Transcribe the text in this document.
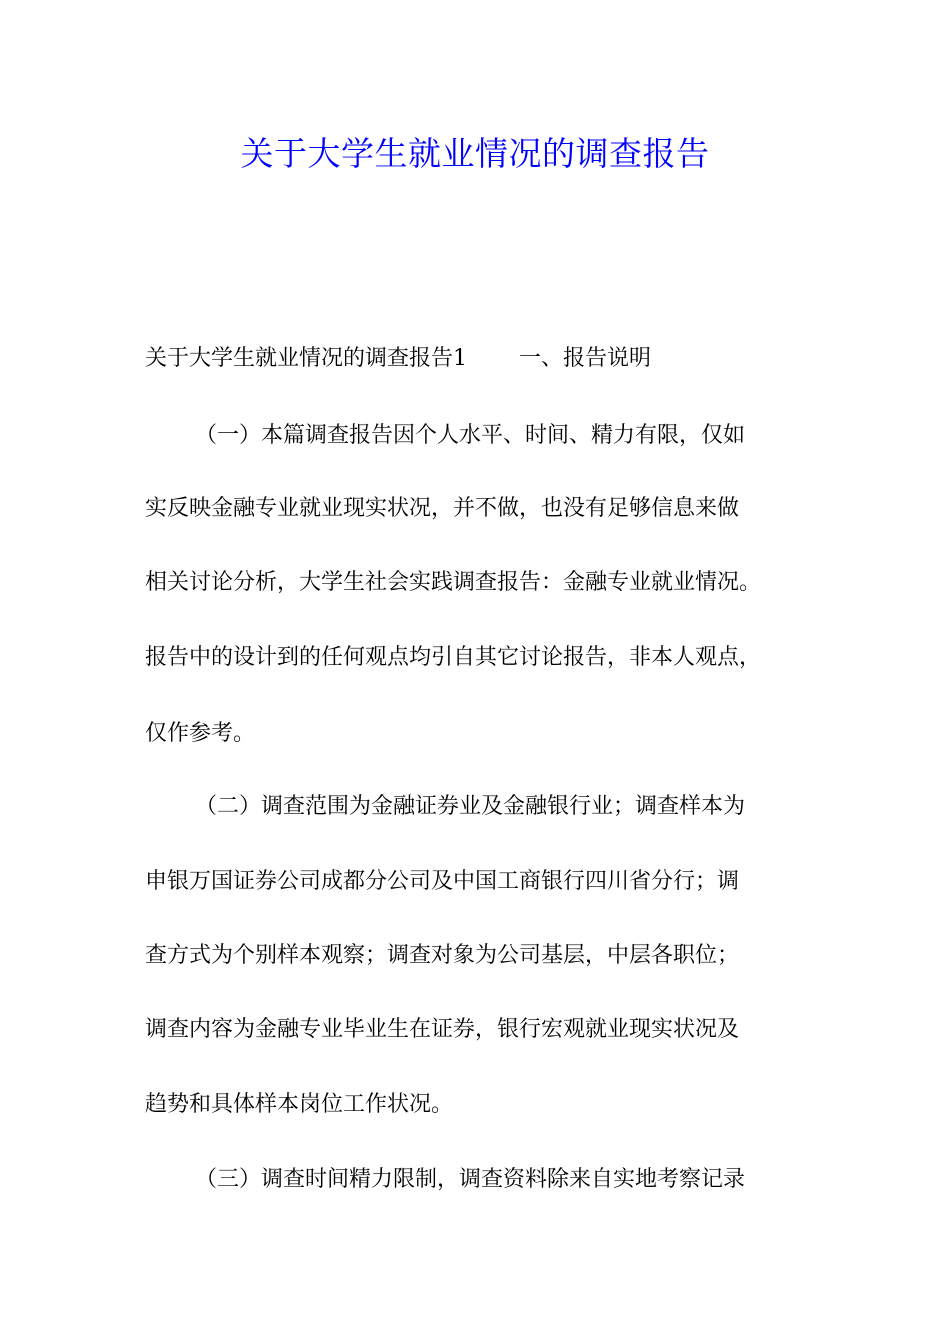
关于大学生就业情况的调查报告

关于大学生就业情况的调查报告1 一、报告说明

（一）本篇调查报告因个人水平、时间、精力有限，仅如

实反映金融专业就业现实状况，并不做，也没有足够信息来做

相关讨论分析，大学生社会实践调查报告：金融专业就业情况。

报告中的设计到的任何观点均引自其它讨论报告，非本人观点，

仅作参考。

（二）调查范围为金融证券业及金融银行业；调查样本为

申银万国证券公司成都分公司及中国工商银行四川省分行；调

查方式为个别样本观察；调查对象为公司基层，中层各职位；

调查内容为金融专业毕业生在证券，银行宏观就业现实状况及

趋势和具体样本岗位工作状况。

（三）调查时间精力限制，调查资料除来自实地考察记录
